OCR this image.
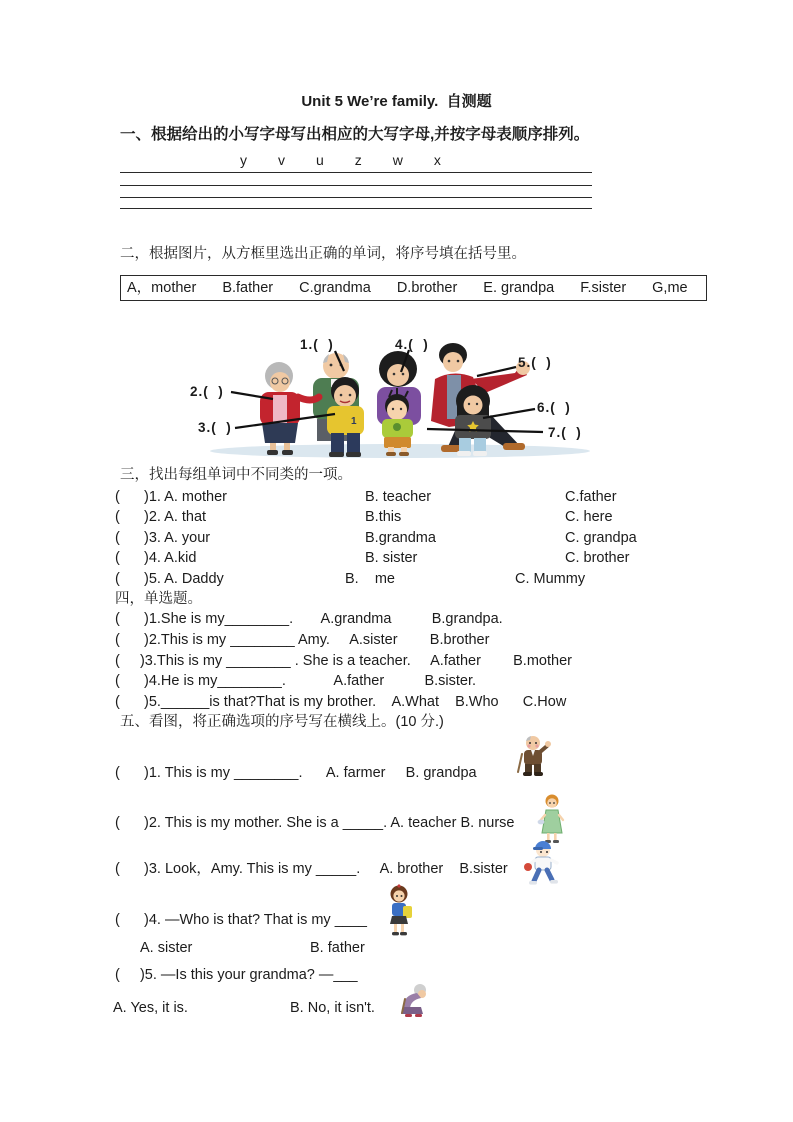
Unit 5 We’re family.  自测题
一、根据给出的小写字母写出相应的大写字母,并按字母表顺序排列。
y v u z w x
二，根据图片，从方框里选出正确的单词，将序号填在括号里。
A，mother B.father C.grandma D.brother E. grandpa F.sister G,me
1
1.(  )
2.(  )
3.(  )
4.(  )
5.(  )
6.(  )
7.(  )
三，找出每组单词中不同类的一项。
(      )1. A. mother	B. teacher	C.father
(      )2. A. that	B.this	C. here
(      )3. A. your	B.grandma	C. grandpa
(      )4. A.kid	B. sister	C. brother
(      )5. A. Daddy	B.    me	C. Mummy
四，单选题。
(      )1.She is my________.       A.grandma          B.grandpa.
(      )2.This is my ________ Amy.     A.sister        B.brother
(     )3.This is my ________ . She is a teacher.     A.father        B.mother
(      )4.He is my________.            A.father          B.sister.
(      )5.______is that?That is my brother.    A.What    B.Who      C.How
五、看图，将正确选项的序号写在横线上。(10 分.)
(      )1. This is my ________.      A. farmer     B. grandpa
(      )2. This is my mother. She is a _____. A. teacher B. nurse
(      )3. Look，Amy. This is my _____.     A. brother    B.sister
(      )4. —Who is that? That is my ____
A. sister	B. father
(     )5. —Is this your grandma? —___
A. Yes, it is.	B. No, it isn't.
